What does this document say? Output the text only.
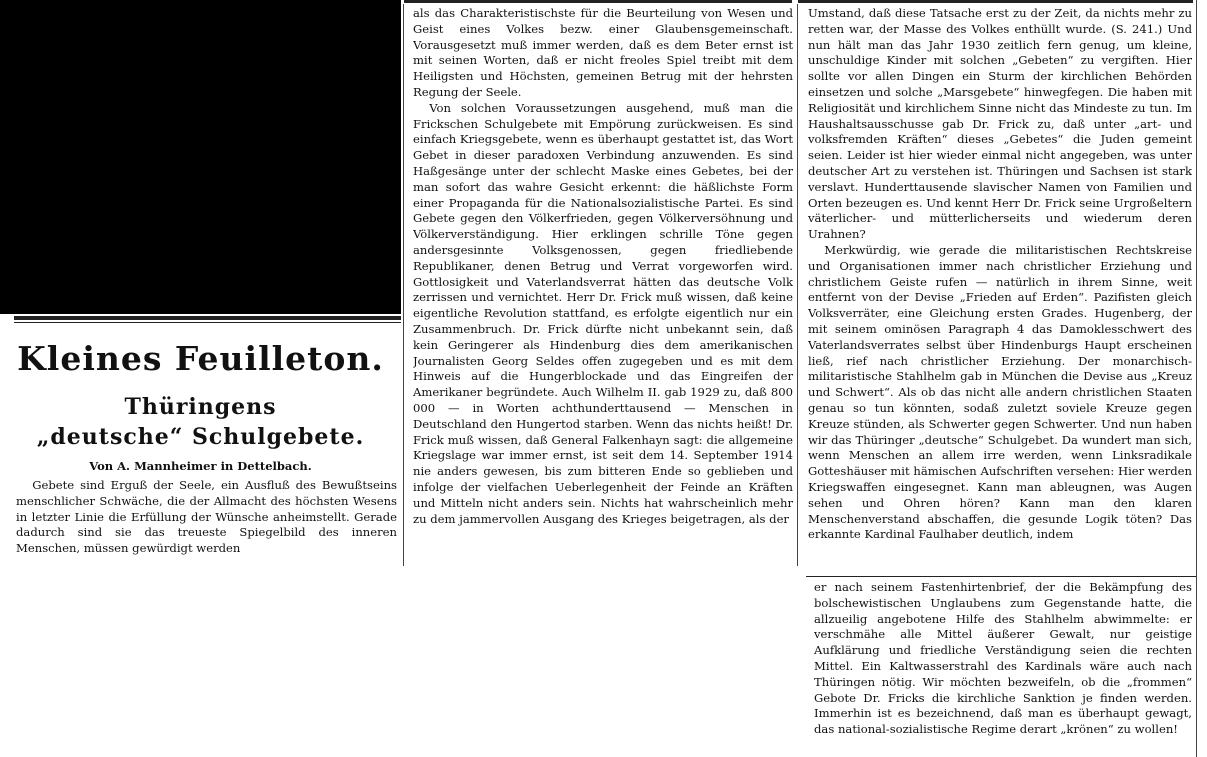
Kleines Feuilleton.
Thüringens
„deutsche“ Schulgebete.
Von A. Mannheimer in Dettelbach.

Gebete sind Erguß der Seele, ein Ausfluß des Bewußtseins menschlicher Schwäche, die der Allmacht des höchsten Wesens in letzter Linie die Erfüllung der Wünsche anheimstellt. Gerade dadurch sind sie das treueste Spiegelbild des inneren Menschen, müssen gewürdigt werden

als das Charakteristischste für die Beurteilung von Wesen und Geist eines Volkes bezw. einer Glaubensgemeinschaft. Vorausgesetzt muß immer werden, daß es dem Beter ernst ist mit seinen Worten, daß er nicht freoles Spiel treibt mit dem Heiligsten und Höchsten, gemeinen Betrug mit der hehrsten Regung der Seele.

Von solchen Voraussetzungen ausgehend, muß man die Frickschen Schulgebete mit Empörung zurückweisen. Es sind einfach Kriegsgebete, wenn es überhaupt gestattet ist, das Wort Gebet in dieser paradoxen Verbindung anzuwenden. Es sind Haßgesänge unter der schlecht Maske eines Gebetes, bei der man sofort das wahre Gesicht erkennt: die häßlichste Form einer Propaganda für die Nationalsozialistische Partei. Es sind Gebete gegen den Völkerfrieden, gegen Völkerversöhnung und Völkerverständigung. Hier erklingen schrille Töne gegen andersgesinnte Volksgenossen, gegen friedliebende Republikaner, denen Betrug und Verrat vorgeworfen wird. Gottlosigkeit und Vaterlandsverrat hätten das deutsche Volk zerrissen und vernichtet. Herr Dr. Frick muß wissen, daß keine eigentliche Revolution stattfand, es erfolgte eigentlich nur ein Zusammenbruch. Dr. Frick dürfte nicht unbekannt sein, daß kein Geringerer als Hindenburg dies dem amerikanischen Journalisten Georg Seldes offen zugegeben und es mit dem Hinweis auf die Hungerblockade und das Eingreifen der Amerikaner begründete. Auch Wilhelm II. gab 1929 zu, daß 800 000 — in Worten achthunderttausend — Menschen in Deutschland den Hungertod starben. Wenn das nichts heißt! Dr. Frick muß wissen, daß General Falkenhayn sagt: die allgemeine Kriegslage war immer ernst, ist seit dem 14. September 1914 nie anders gewesen, bis zum bitteren Ende so geblieben und infolge der vielfachen Ueberlegenheit der Feinde an Kräften und Mitteln nicht anders sein. Nichts hat wahrscheinlich mehr zu dem jammervollen Ausgang des Krieges beigetragen, als der

Umstand, daß diese Tatsache erst zu der Zeit, da nichts mehr zu retten war, der Masse des Volkes enthüllt wurde. (S. 241.) Und nun hält man das Jahr 1930 zeitlich fern genug, um kleine, unschuldige Kinder mit solchen „Gebeten“ zu vergiften. Hier sollte vor allen Dingen ein Sturm der kirchlichen Behörden einsetzen und solche „Marsgebete“ hinwegfegen. Die haben mit Religiosität und kirchlichem Sinne nicht das Mindeste zu tun. Im Haushaltsausschusse gab Dr. Frick zu, daß unter „art- und volksfremden Kräften“ dieses „Gebetes“ die Juden gemeint seien. Leider ist hier wieder einmal nicht angegeben, was unter deutscher Art zu verstehen ist. Thüringen und Sachsen ist stark verslavt. Hunderttausende slavischer Namen von Familien und Orten bezeugen es. Und kennt Herr Dr. Frick seine Urgroßeltern väterlicher- und mütterlicherseits und wiederum deren Urahnen?

Merkwürdig, wie gerade die militaristischen Rechtskreise und Organisationen immer nach christlicher Erziehung und christlichem Geiste rufen — natürlich in ihrem Sinne, weit entfernt von der Devise „Frieden auf Erden“. Pazifisten gleich Volksverräter, eine Gleichung ersten Grades. Hugenberg, der mit seinem ominösen Paragraph 4 das Damoklesschwert des Vaterlandsverrates selbst über Hindenburgs Haupt erscheinen ließ, rief nach christlicher Erziehung. Der monarchisch-militaristische Stahlhelm gab in München die Devise aus „Kreuz und Schwert“. Als ob das nicht alle andern christlichen Staaten genau so tun könnten, sodaß zuletzt soviele Kreuze gegen Kreuze stünden, als Schwerter gegen Schwerter. Und nun haben wir das Thüringer „deutsche“ Schulgebet. Da wundert man sich, wenn Menschen an allem irre werden, wenn Linksradikale Gotteshäuser mit hämischen Aufschriften versehen: Hier werden Kriegswaffen eingesegnet. Kann man ableugnen, was Augen sehen und Ohren hören? Kann man den klaren Menschenverstand abschaffen, die gesunde Logik töten? Das erkannte Kardinal Faulhaber deutlich, indem

er nach seinem Fastenhirtenbrief, der die Bekämpfung des bolschewistischen Unglaubens zum Gegenstande hatte, die allzueilig angebotene Hilfe des Stahlhelm abwimmelte: er verschmähe alle Mittel äußerer Gewalt, nur geistige Aufklärung und friedliche Verständigung seien die rechten Mittel. Ein Kaltwasserstrahl des Kardinals wäre auch nach Thüringen nötig. Wir möchten bezweifeln, ob die „frommen“ Gebote Dr. Fricks die kirchliche Sanktion je finden werden. Immerhin ist es bezeichnend, daß man es überhaupt gewagt, das national-sozialistische Regime derart „krönen“ zu wollen!
